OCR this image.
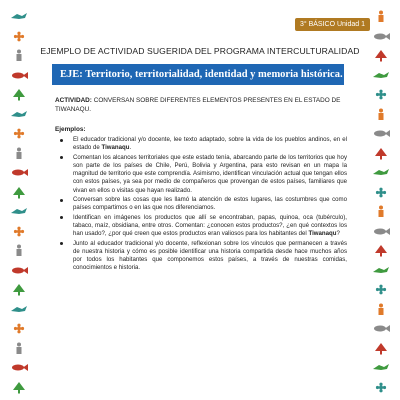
3° BÁSICO Unidad 1
EJEMPLO DE ACTIVIDAD SUGERIDA DEL PROGRAMA INTERCULTURALIDAD
EJE: Territorio, territorialidad, identidad y memoria histórica.
ACTIVIDAD: CONVERSAN SOBRE DIFERENTES ELEMENTOS PRESENTES EN EL ESTADO DE TIWANAQU.
Ejemplos:
El educador tradicional y/o docente, lee texto adaptado, sobre la vida de los pueblos andinos, en el estado de Tiwanaqu.
Comentan los alcances territoriales que este estado tenía, abarcando parte de los territorios que hoy son parte de los países de Chile, Perú, Bolivia y Argentina, para esto revisan en un mapa la magnitud de territorio que este comprendía. Asimismo, identifican vinculación actual que tengan ellos con estos países, ya sea por medio de compañeros que provengan de estos países, familiares que vivan en ellos o visitas que hayan realizado.
Conversan sobre las cosas que les llamó la atención de estos lugares, las costumbres que como países compartimos o en las que nos diferenciamos.
Identifican en imágenes los productos que allí se encontraban, papas, quinoa, oca (tubérculo), tabaco, maíz, obsidiana, entre otros. Comentan: ¿conocen estos productos?, ¿en qué contextos los han usado?, ¿por qué creen que estos productos eran valiosos para los habitantes del Tiwanaqu?
Junto al educador tradicional y/o docente, reflexionan sobre los vínculos que permanecen a través de nuestra historia y cómo es posible identificar una historia compartida desde hace muchos años por todos los habitantes que componemos estos países, a través de nuestras comidas, conocimientos e historia.
